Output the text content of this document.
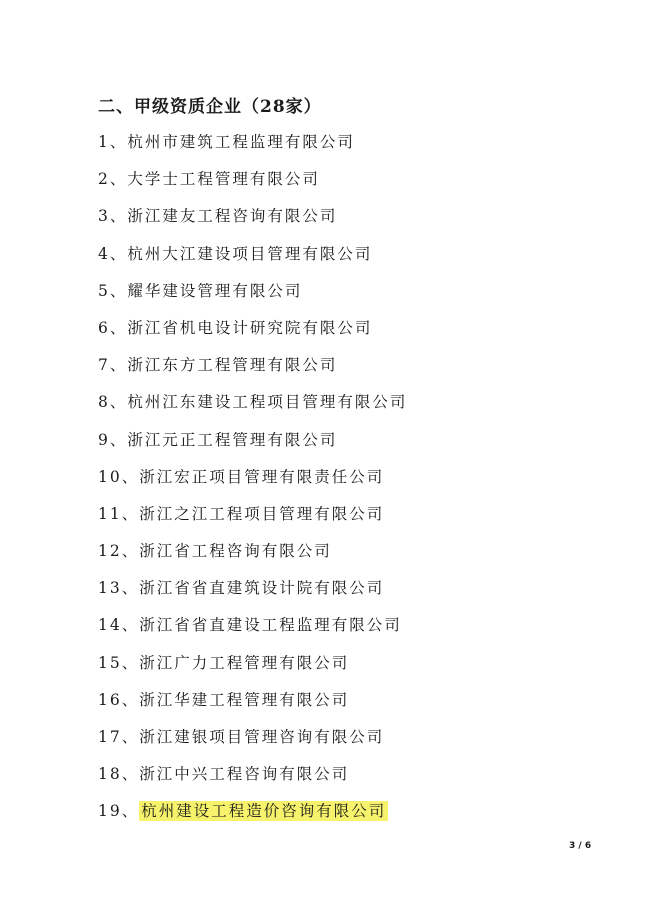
二、甲级资质企业（28家）
1、杭州市建筑工程监理有限公司
2、大学士工程管理有限公司
3、浙江建友工程咨询有限公司
4、杭州大江建设项目管理有限公司
5、耀华建设管理有限公司
6、浙江省机电设计研究院有限公司
7、浙江东方工程管理有限公司
8、杭州江东建设工程项目管理有限公司
9、浙江元正工程管理有限公司
10、浙江宏正项目管理有限责任公司
11、浙江之江工程项目管理有限公司
12、浙江省工程咨询有限公司
13、浙江省省直建筑设计院有限公司
14、浙江省省直建设工程监理有限公司
15、浙江广力工程管理有限公司
16、浙江华建工程管理有限公司
17、浙江建银项目管理咨询有限公司
18、浙江中兴工程咨询有限公司
19、 杭州建设工程造价咨询有限公司
3 / 6
